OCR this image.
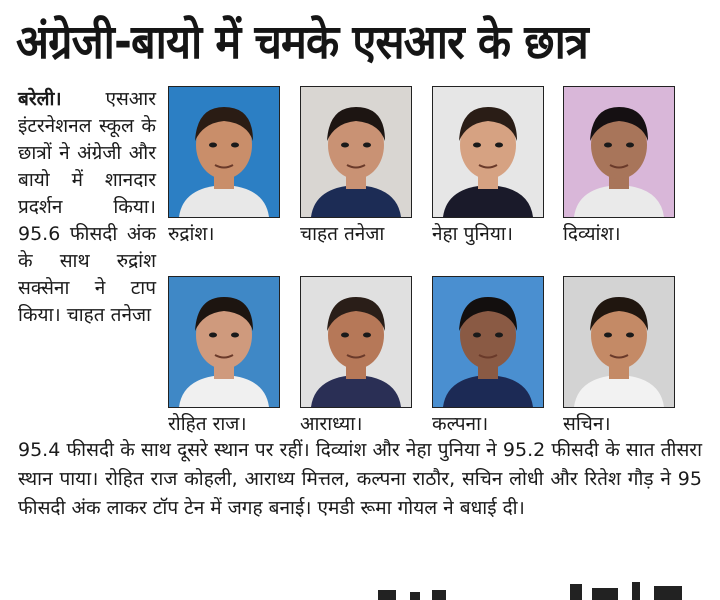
अंग्रेजी-बायो में चमके एसआर के छात्र
बरेली। एसआर इंटरनेशनल स्कूल के छात्रों ने अंग्रेजी और बायो में शानदार प्रदर्शन किया। 95.6 फीसदी अंक के साथ रुद्रांश सक्सेना ने टाप किया। चाहत तनेजा
रुद्रांश।	चाहत तनेजा	नेहा पुनिया।	दिव्यांश।
रोहित राज।	आराध्या।	कल्पना।	सचिन।
95.4 फीसदी के साथ दूसरे स्थान पर रहीं। दिव्यांश और नेहा पुनिया ने 95.2 फीसदी के सात तीसरा स्थान पाया। रोहित राज कोहली, आराध्य मित्तल, कल्पना राठौर, सचिन लोधी और रितेश गौड़ ने 95 फीसदी अंक लाकर टॉप टेन में जगह बनाई। एमडी रूमा गोयल ने बधाई दी।
